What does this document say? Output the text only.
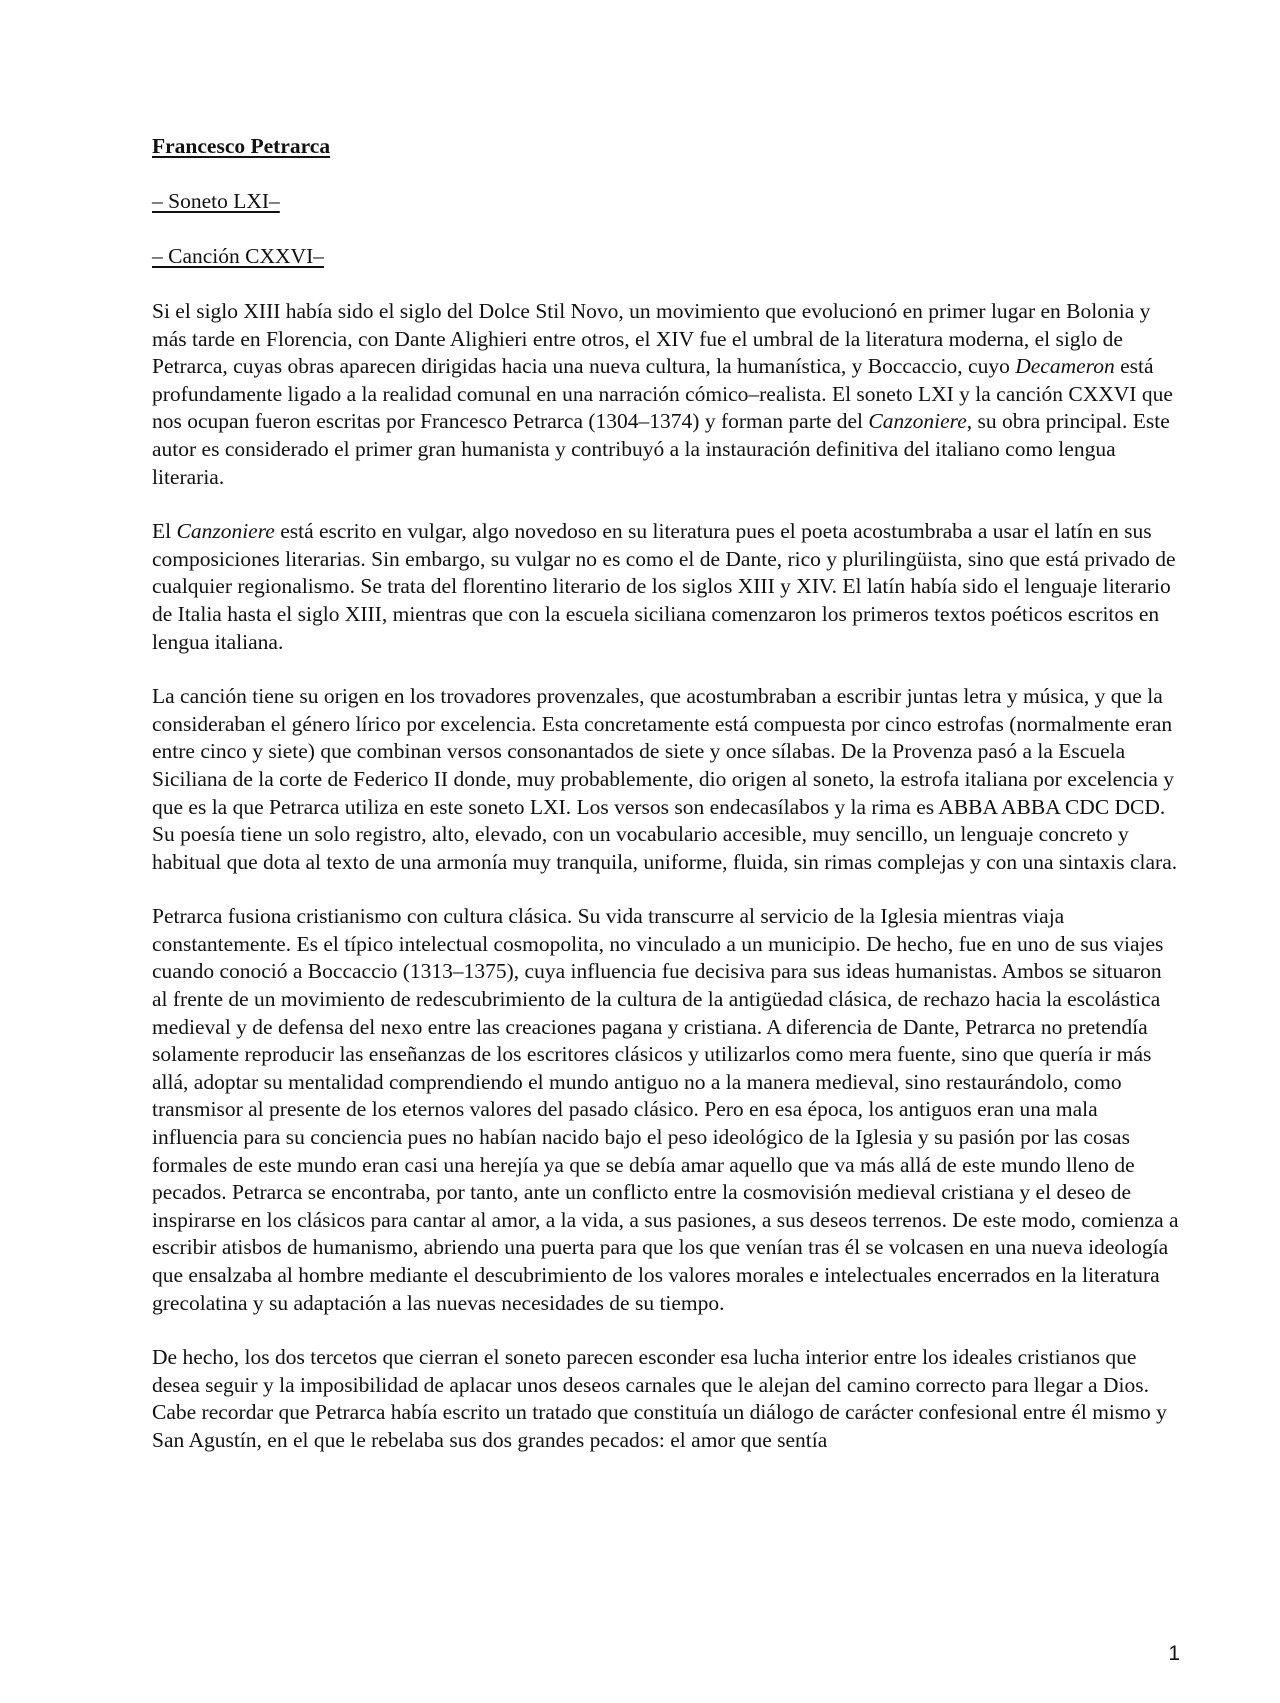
Francesco Petrarca

– Soneto LXI–

– Canción CXXVI–

Si el siglo XIII había sido el siglo del Dolce Stil Novo, un movimiento que evolucionó en primer lugar en Bolonia y más tarde en Florencia, con Dante Alighieri entre otros, el XIV fue el umbral de la literatura moderna, el siglo de Petrarca, cuyas obras aparecen dirigidas hacia una nueva cultura, la humanística, y Boccaccio, cuyo Decameron está profundamente ligado a la realidad comunal en una narración cómico‒realista. El soneto LXI y la canción CXXVI que nos ocupan fueron escritas por Francesco Petrarca (1304‒1374) y forman parte del Canzoniere, su obra principal. Este autor es considerado el primer gran humanista y contribuyó a la instauración definitiva del italiano como lengua literaria.

El Canzoniere está escrito en vulgar, algo novedoso en su literatura pues el poeta acostumbraba a usar el latín en sus composiciones literarias. Sin embargo, su vulgar no es como el de Dante, rico y plurilingüista, sino que está privado de cualquier regionalismo. Se trata del florentino literario de los siglos XIII y XIV. El latín había sido el lenguaje literario de Italia hasta el siglo XIII, mientras que con la escuela siciliana comenzaron los primeros textos poéticos escritos en lengua italiana.

La canción tiene su origen en los trovadores provenzales, que acostumbraban a escribir juntas letra y música, y que la consideraban el género lírico por excelencia. Esta concretamente está compuesta por cinco estrofas (normalmente eran entre cinco y siete) que combinan versos consonantados de siete y once sílabas. De la Provenza pasó a la Escuela Siciliana de la corte de Federico II donde, muy probablemente, dio origen al soneto, la estrofa italiana por excelencia y que es la que Petrarca utiliza en este soneto LXI. Los versos son endecasílabos y la rima es ABBA ABBA CDC DCD. Su poesía tiene un solo registro, alto, elevado, con un vocabulario accesible, muy sencillo, un lenguaje concreto y habitual que dota al texto de una armonía muy tranquila, uniforme, fluida, sin rimas complejas y con una sintaxis clara.

Petrarca fusiona cristianismo con cultura clásica. Su vida transcurre al servicio de la Iglesia mientras viaja constantemente. Es el típico intelectual cosmopolita, no vinculado a un municipio. De hecho, fue en uno de sus viajes cuando conoció a Boccaccio (1313‒1375), cuya influencia fue decisiva para sus ideas humanistas. Ambos se situaron al frente de un movimiento de redescubrimiento de la cultura de la antigüedad clásica, de rechazo hacia la escolástica medieval y de defensa del nexo entre las creaciones pagana y cristiana. A diferencia de Dante, Petrarca no pretendía solamente reproducir las enseñanzas de los escritores clásicos y utilizarlos como mera fuente, sino que quería ir más allá, adoptar su mentalidad comprendiendo el mundo antiguo no a la manera medieval, sino restaurándolo, como transmisor al presente de los eternos valores del pasado clásico. Pero en esa época, los antiguos eran una mala influencia para su conciencia pues no habían nacido bajo el peso ideológico de la Iglesia y su pasión por las cosas formales de este mundo eran casi una herejía ya que se debía amar aquello que va más allá de este mundo lleno de pecados. Petrarca se encontraba, por tanto, ante un conflicto entre la cosmovisión medieval cristiana y el deseo de inspirarse en los clásicos para cantar al amor, a la vida, a sus pasiones, a sus deseos terrenos. De este modo, comienza a escribir atisbos de humanismo, abriendo una puerta para que los que venían tras él se volcasen en una nueva ideología que ensalzaba al hombre mediante el descubrimiento de los valores morales e intelectuales encerrados en la literatura grecolatina y su adaptación a las nuevas necesidades de su tiempo.

De hecho, los dos tercetos que cierran el soneto parecen esconder esa lucha interior entre los ideales cristianos que desea seguir y la imposibilidad de aplacar unos deseos carnales que le alejan del camino correcto para llegar a Dios. Cabe recordar que Petrarca había escrito un tratado que constituía un diálogo de carácter confesional entre él mismo y San Agustín, en el que le rebelaba sus dos grandes pecados: el amor que sentía

1
